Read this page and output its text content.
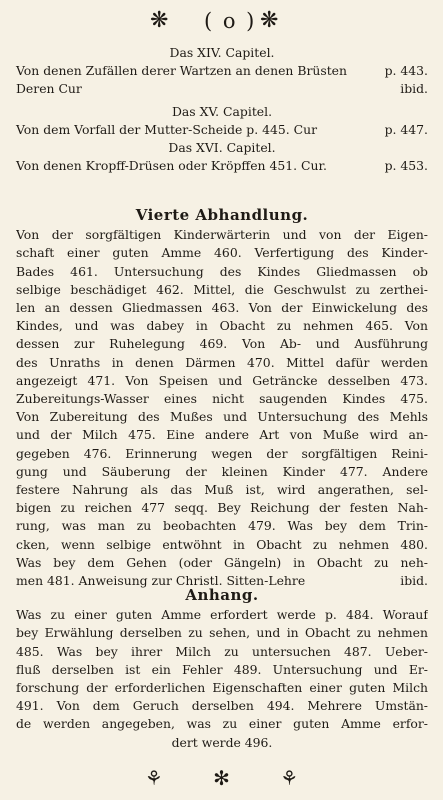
❋ ( o ) ❋
Das XIV. Capitel.
Von denen Zufällen derer Wartzen an denen Brüsten	p. 443.
Deren Cur	ibid.
Das XV. Capitel.
Von dem Vorfall der Mutter-Scheide p. 445. Cur	p. 447.
Das XVI. Capitel.
Von denen Kropff-Drüsen oder Kröpffen 451. Cur.	p. 453.
Vierte Abhandlung.
Von der sorgfältigen Kinderwärterin und von der Eigen-
schaft einer guten Amme 460. Verfertigung des Kinder-
Bades 461. Untersuchung des Kindes Gliedmassen ob
selbige beschädiget 462. Mittel, die Geschwulst zu zerthei-
len an dessen Gliedmassen 463. Von der Einwickelung des
Kindes, und was dabey in Obacht zu nehmen 465. Von
dessen zur Ruhelegung 469. Von Ab- und Ausführung
des Unraths in denen Därmen 470. Mittel dafür werden
angezeigt 471. Von Speisen und Geträncke desselben 473.
Zubereitungs-Wasser eines nicht saugenden Kindes 475.
Von Zubereitung des Mußes und Untersuchung des Mehls
und der Milch 475. Eine andere Art von Muße wird an-
gegeben 476. Erinnerung wegen der sorgfältigen Reini-
gung und Säuberung der kleinen Kinder 477. Andere
festere Nahrung als das Muß ist, wird angerathen, sel-
bigen zu reichen 477 seqq. Bey Reichung der festen Nah-
rung, was man zu beobachten 479. Was bey dem Trin-
cken, wenn selbige entwöhnt in Obacht zu nehmen 480.
Was bey dem Gehen (oder Gängeln) in Obacht zu neh-
men 481. Anweisung zur Christl. Sitten-Lehre	ibid.
Anhang.
Was zu einer guten Amme erfordert werde p. 484. Worauf
bey Erwählung derselben zu sehen, und in Obacht zu nehmen
485. Was bey ihrer Milch zu untersuchen 487. Ueber-
fluß derselben ist ein Fehler 489. Untersuchung und Er-
forschung der erforderlichen Eigenschaften einer guten Milch
491. Von dem Geruch derselben 494. Mehrere Umstän-
de werden angegeben, was zu einer guten Amme erfor-
dert werde 496.
⚘	✻	⚘
